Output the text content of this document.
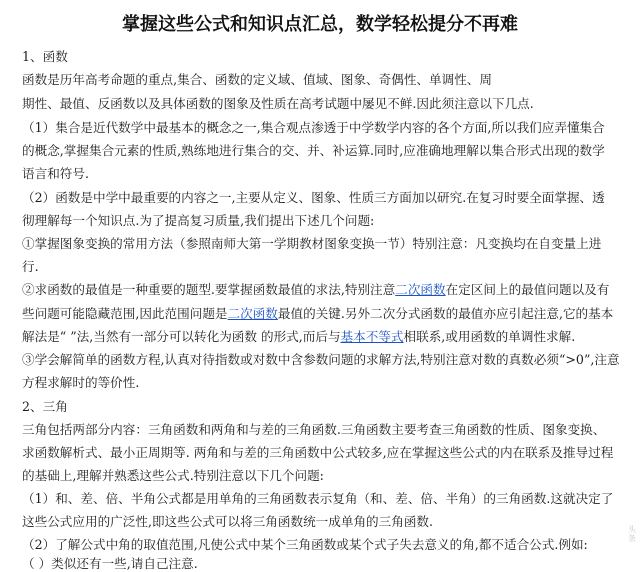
掌握这些公式和知识点汇总，数学轻松提分不再难
1、函数
函数是历年高考命题的重点,集合、函数的定义域、值域、图象、奇偶性、单调性、周
期性、最值、反函数以及具体函数的图象及性质在高考试题中屡见不鲜.因此须注意以下几点.
（1）集合是近代数学中最基本的概念之一,集合观点渗透于中学数学内容的各个方面,所以我们应弄懂集合
的概念,掌握集合元素的性质,熟练地进行集合的交、并、补运算.同时,应准确地理解以集合形式出现的数学
语言和符号.
（2）函数是中学中最重要的内容之一,主要从定义、图象、性质三方面加以研究.在复习时要全面掌握、透
彻理解每一个知识点.为了提高复习质量,我们提出下述几个问题:
①掌握图象变换的常用方法（参照南师大第一学期教材图象变换一节）特别注意：凡变换均在自变量上进
行.
②求函数的最值是一种重要的题型.要掌握函数最值的求法,特别注意二次函数在定区间上的最值问题以及有
些问题可能隐藏范围,因此范围问题是二次函数最值的关键.另外二次分式函数的最值亦应引起注意,它的基本
解法是“ ”法,当然有一部分可以转化为函数 的形式,而后与基本不等式相联系,或用函数的单调性求解.
③学会解简单的函数方程,认真对待指数或对数中含参数问题的求解方法,特别注意对数的真数必须“>0”,注意
方程求解时的等价性.
2、三角
三角包括两部分内容：三角函数和两角和与差的三角函数.三角函数主要考查三角函数的性质、图象变换、
求函数解析式、最小正周期等. 两角和与差的三角函数中公式较多,应在掌握这些公式的内在联系及推导过程
的基础上,理解并熟悉这些公式.特别注意以下几个问题:
（1）和、差、倍、半角公式都是用单角的三角函数表示复角（和、差、倍、半角）的三角函数.这就决定了
这些公式应用的广泛性,即这些公式可以将三角函数统一成单角的三角函数.
（2）了解公式中角的取值范围,凡使公式中某个三角函数或某个式子失去意义的角,都不适合公式.例如:
（ ）类似还有一些,请自己注意.
头条
